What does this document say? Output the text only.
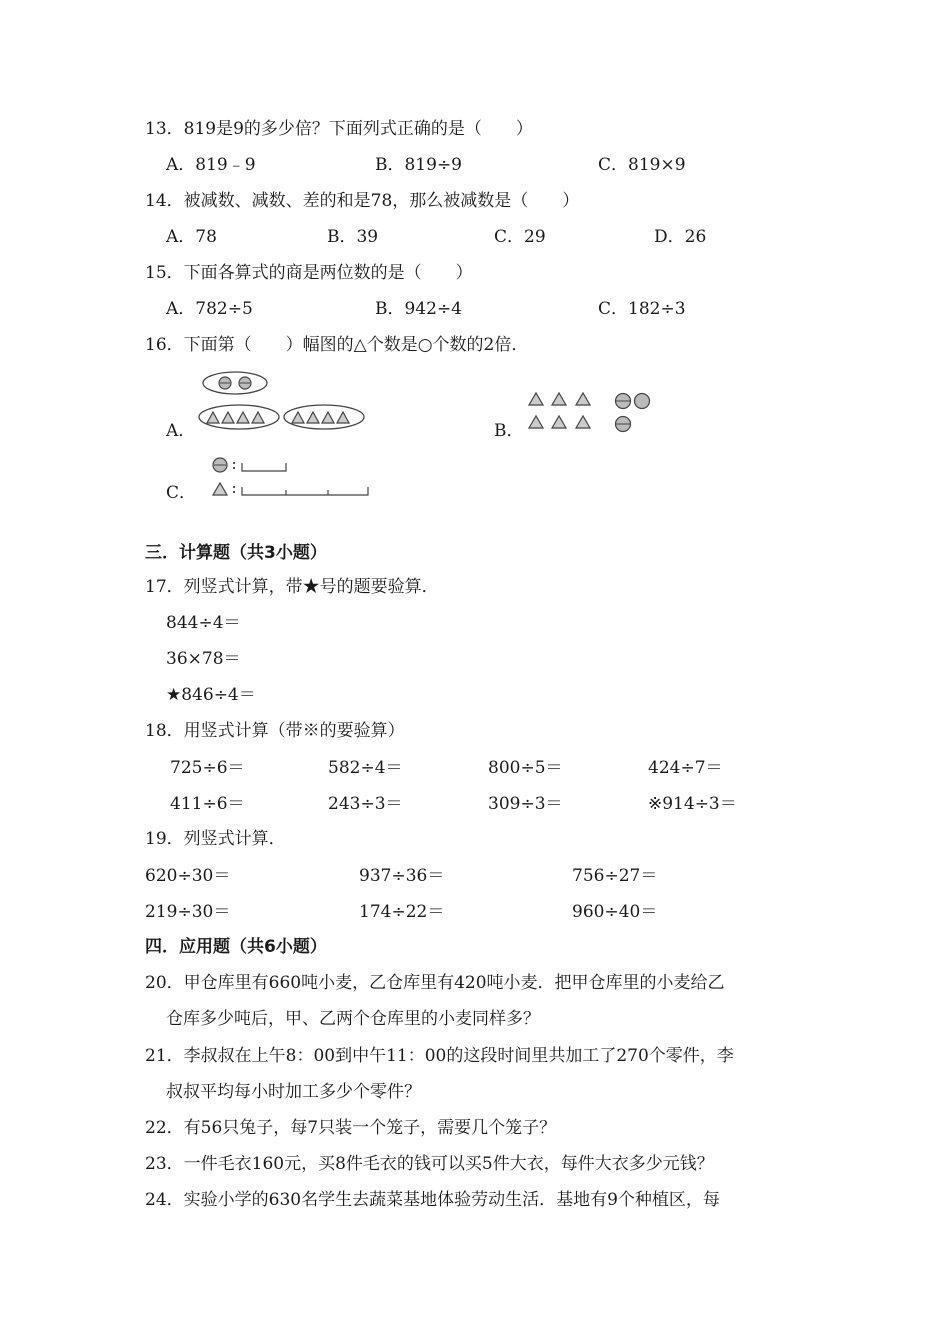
13．819是9的多少倍？下面列式正确的是（　　）
A．819﹣9	B．819÷9	C．819×9
14．被减数、减数、差的和是78，那么被减数是（　　）
A．78	B．39	C．29	D．26
15．下面各算式的商是两位数的是（　　）
A．782÷5	B．942÷4	C．182÷3
16．下面第（　　）幅图的△个数是○个数的2倍．
A．	B．
C．
三．计算题（共3小题）
17．列竖式计算，带★号的题要验算．
844÷4＝
36×78＝
★846÷4＝
18．用竖式计算（带※的要验算）
725÷6＝	582÷4＝	800÷5＝	424÷7＝
411÷6＝	243÷3＝	309÷3＝	※914÷3＝
19．列竖式计算．
620÷30＝	937÷36＝	756÷27＝
219÷30＝	174÷22＝	960÷40＝
四．应用题（共6小题）
20．甲仓库里有660吨小麦，乙仓库里有420吨小麦．把甲仓库里的小麦给乙
仓库多少吨后，甲、乙两个仓库里的小麦同样多？
21．李叔叔在上午8：00到中午11：00的这段时间里共加工了270个零件，李
叔叔平均每小时加工多少个零件？
22．有56只兔子，每7只装一个笼子，需要几个笼子？
23．一件毛衣160元，买8件毛衣的钱可以买5件大衣，每件大衣多少元钱？
24．实验小学的630名学生去蔬菜基地体验劳动生活．基地有9个种植区，每
